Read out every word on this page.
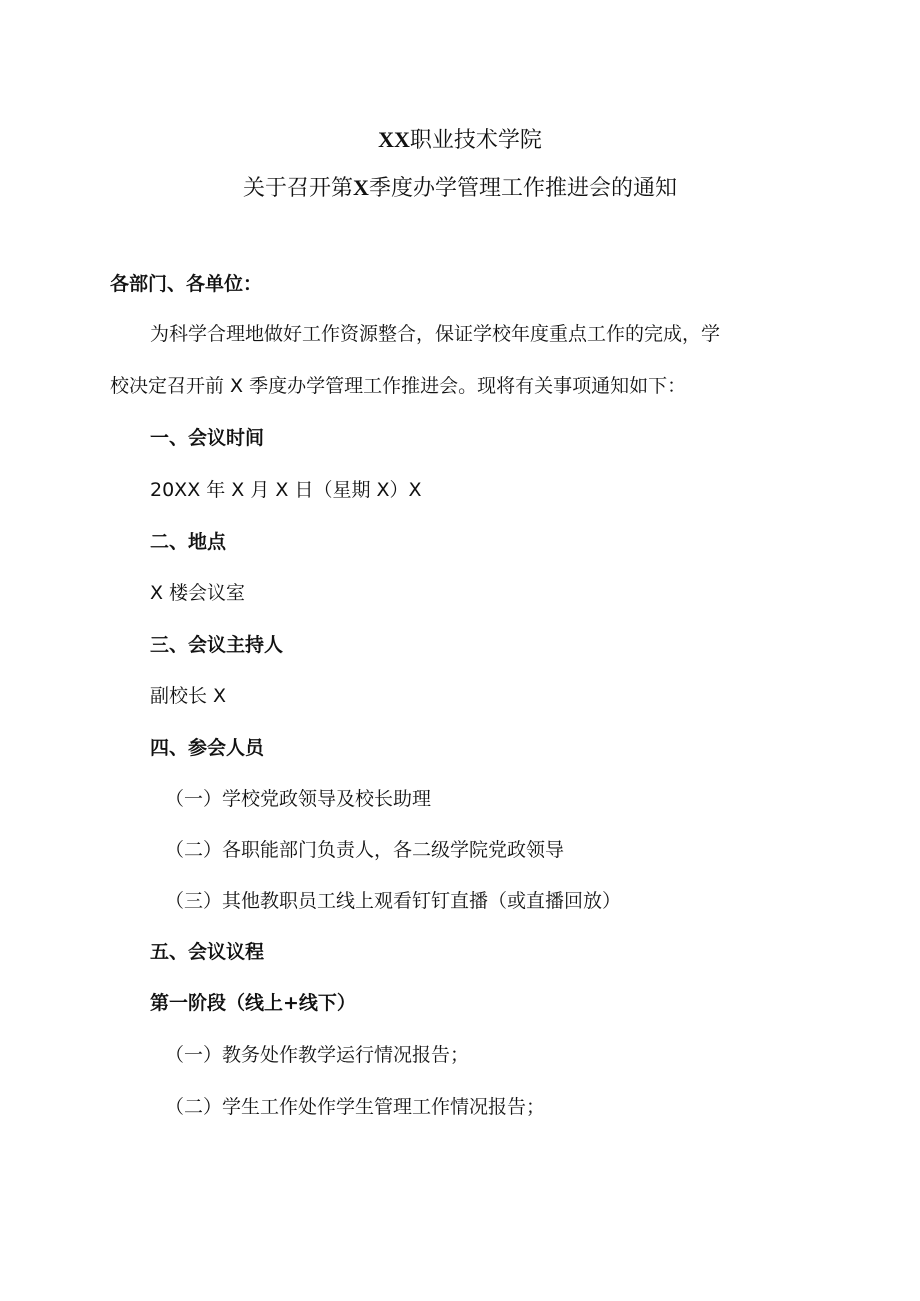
XX职业技术学院
关于召开第X季度办学管理工作推进会的通知
各部门、各单位：
为科学合理地做好工作资源整合，保证学校年度重点工作的完成，学
校决定召开前 X 季度办学管理工作推进会。现将有关事项通知如下：
一、会议时间
20XX 年 X 月 X 日（星期 X）X
二、地点
X 楼会议室
三、会议主持人
副校长 X
四、参会人员
（一）学校党政领导及校长助理
（二）各职能部门负责人，各二级学院党政领导
（三）其他教职员工线上观看钉钉直播（或直播回放）
五、会议议程
第一阶段（线上+线下）
（一）教务处作教学运行情况报告；
（二）学生工作处作学生管理工作情况报告；
